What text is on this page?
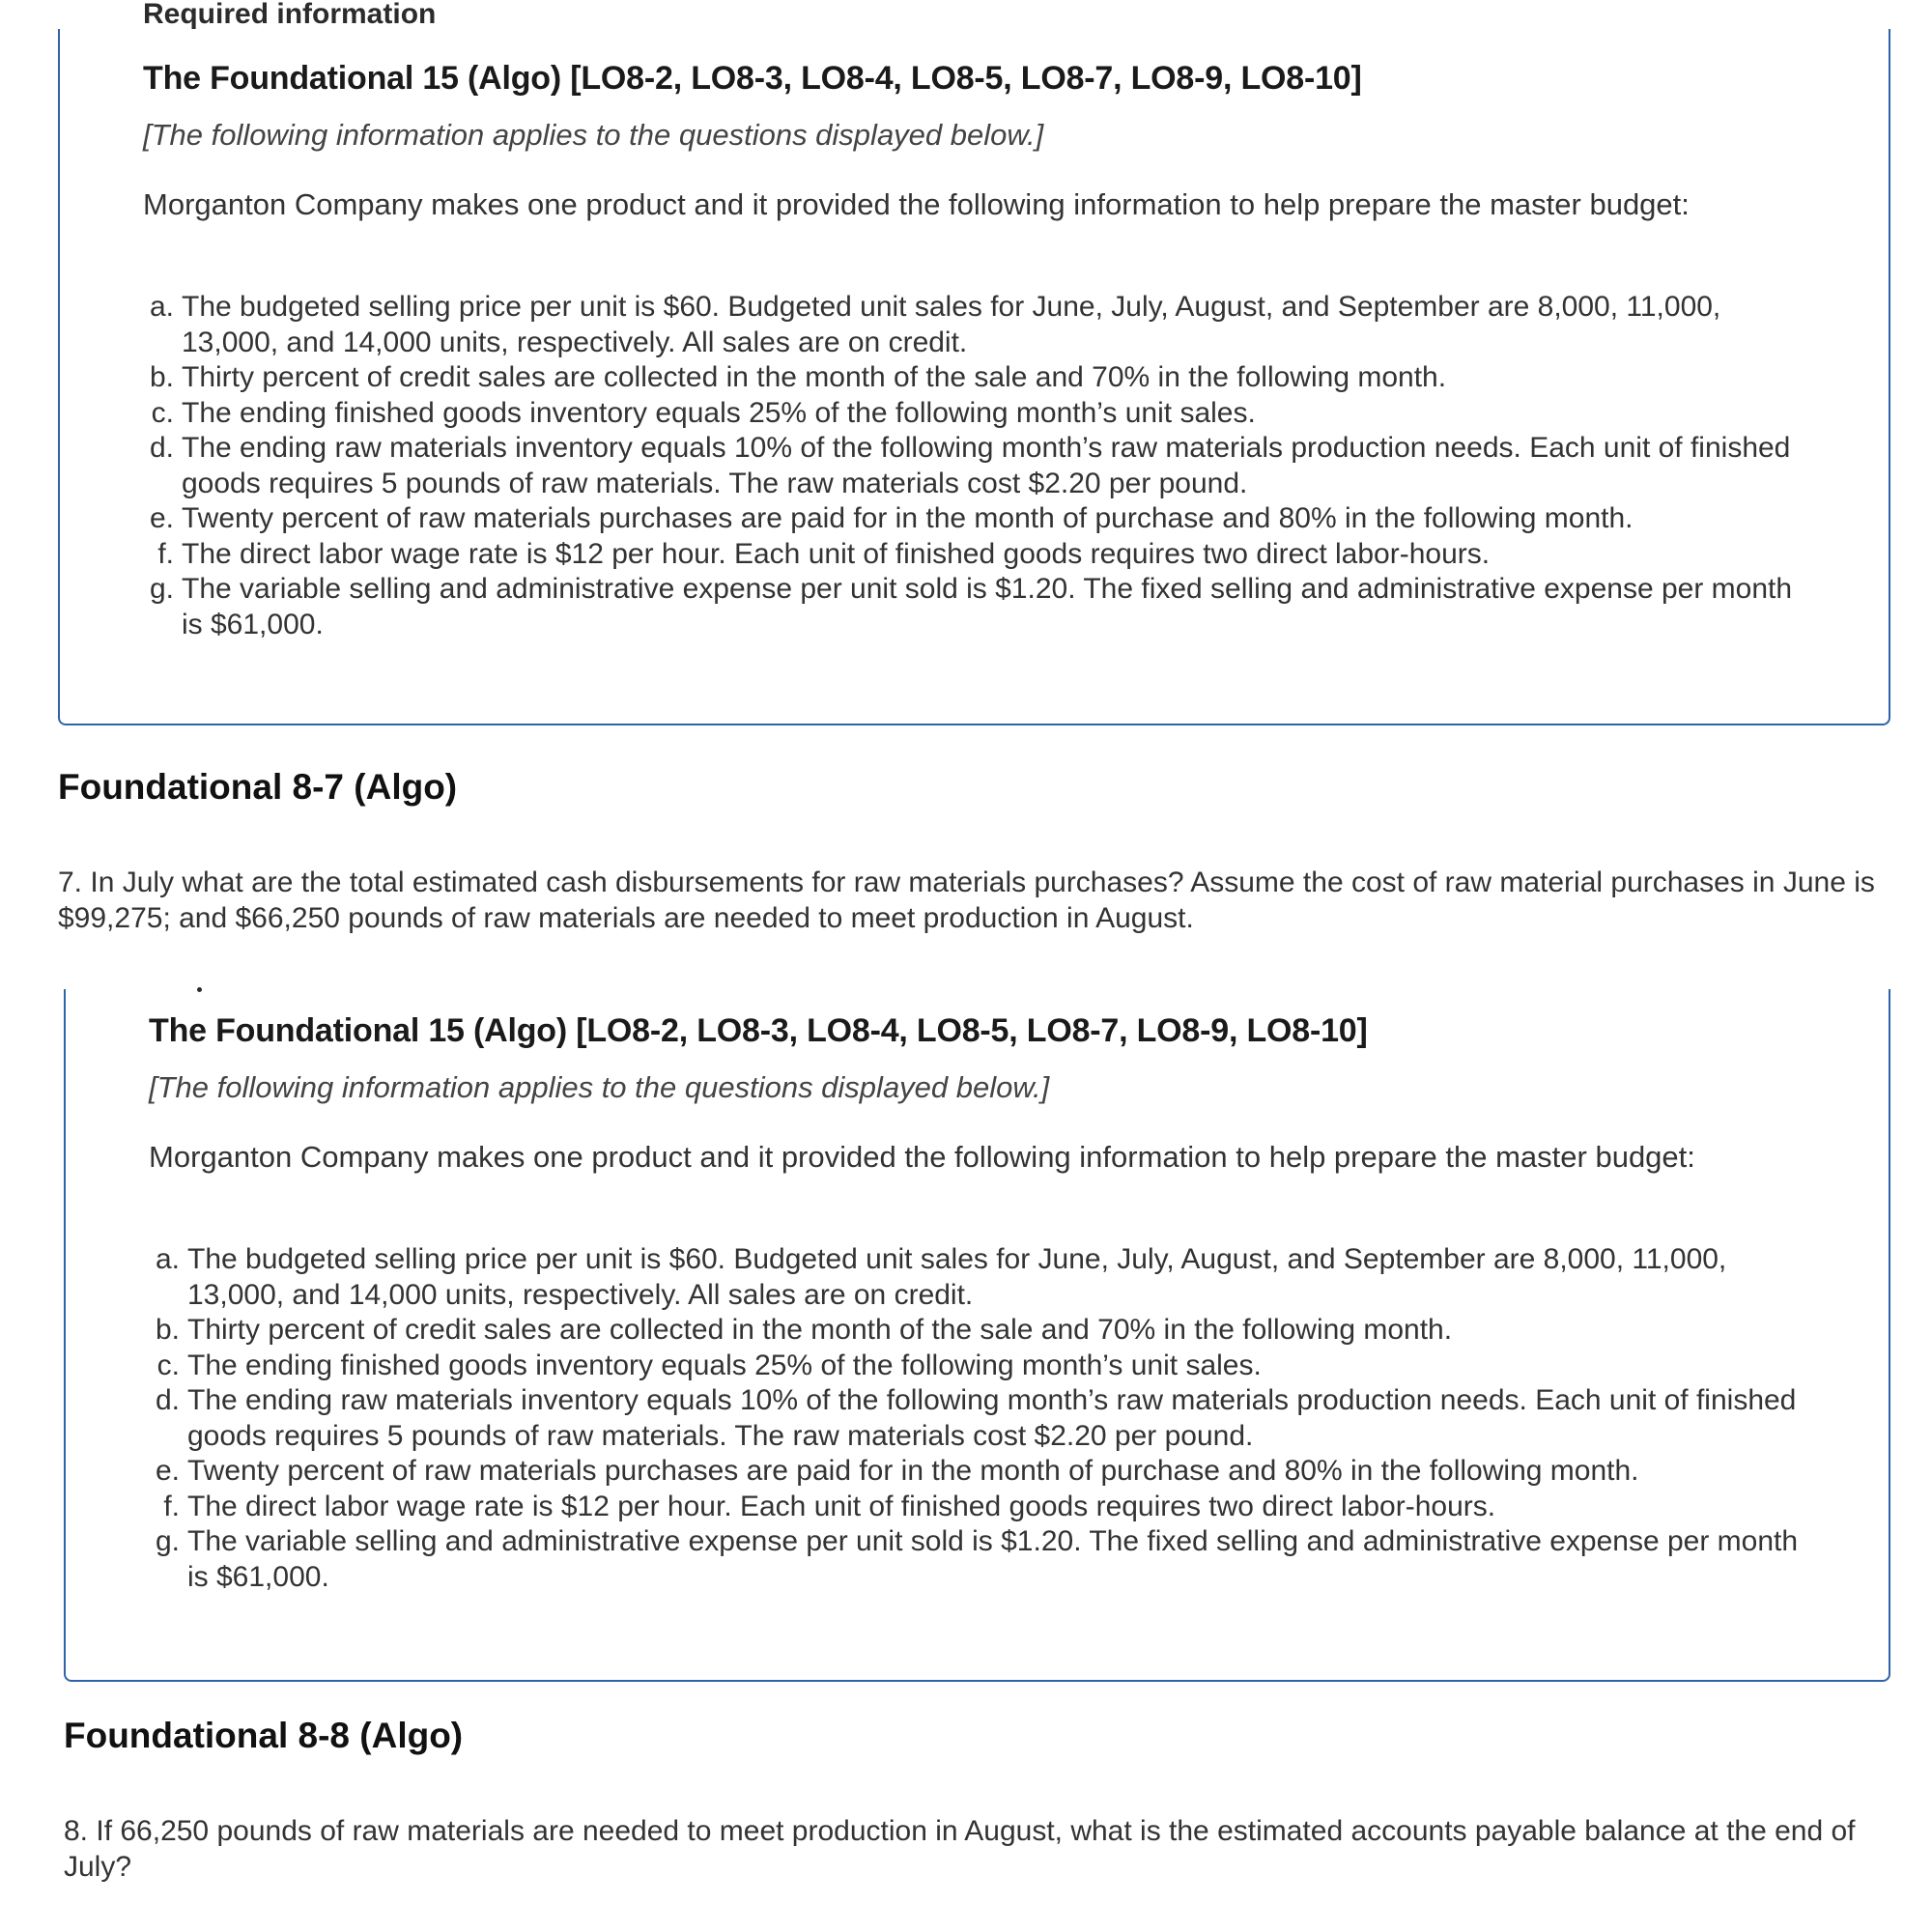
Required information
The Foundational 15 (Algo) [LO8-2, LO8-3, LO8-4, LO8-5, LO8-7, LO8-9, LO8-10]
[The following information applies to the questions displayed below.]
Morganton Company makes one product and it provided the following information to help prepare the master budget:
a. The budgeted selling price per unit is $60. Budgeted unit sales for June, July, August, and September are 8,000, 11,000, 13,000, and 14,000 units, respectively. All sales are on credit.
b. Thirty percent of credit sales are collected in the month of the sale and 70% in the following month.
c. The ending finished goods inventory equals 25% of the following month’s unit sales.
d. The ending raw materials inventory equals 10% of the following month’s raw materials production needs. Each unit of finished goods requires 5 pounds of raw materials. The raw materials cost $2.20 per pound.
e. Twenty percent of raw materials purchases are paid for in the month of purchase and 80% in the following month.
f. The direct labor wage rate is $12 per hour. Each unit of finished goods requires two direct labor-hours.
g. The variable selling and administrative expense per unit sold is $1.20. The fixed selling and administrative expense per month is $61,000.
Foundational 8-7 (Algo)
7. In July what are the total estimated cash disbursements for raw materials purchases? Assume the cost of raw material purchases in June is $99,275; and $66,250 pounds of raw materials are needed to meet production in August.
The Foundational 15 (Algo) [LO8-2, LO8-3, LO8-4, LO8-5, LO8-7, LO8-9, LO8-10]
[The following information applies to the questions displayed below.]
Morganton Company makes one product and it provided the following information to help prepare the master budget:
a. The budgeted selling price per unit is $60. Budgeted unit sales for June, July, August, and September are 8,000, 11,000, 13,000, and 14,000 units, respectively. All sales are on credit.
b. Thirty percent of credit sales are collected in the month of the sale and 70% in the following month.
c. The ending finished goods inventory equals 25% of the following month’s unit sales.
d. The ending raw materials inventory equals 10% of the following month’s raw materials production needs. Each unit of finished goods requires 5 pounds of raw materials. The raw materials cost $2.20 per pound.
e. Twenty percent of raw materials purchases are paid for in the month of purchase and 80% in the following month.
f. The direct labor wage rate is $12 per hour. Each unit of finished goods requires two direct labor-hours.
g. The variable selling and administrative expense per unit sold is $1.20. The fixed selling and administrative expense per month is $61,000.
Foundational 8-8 (Algo)
8. If 66,250 pounds of raw materials are needed to meet production in August, what is the estimated accounts payable balance at the end of July?
